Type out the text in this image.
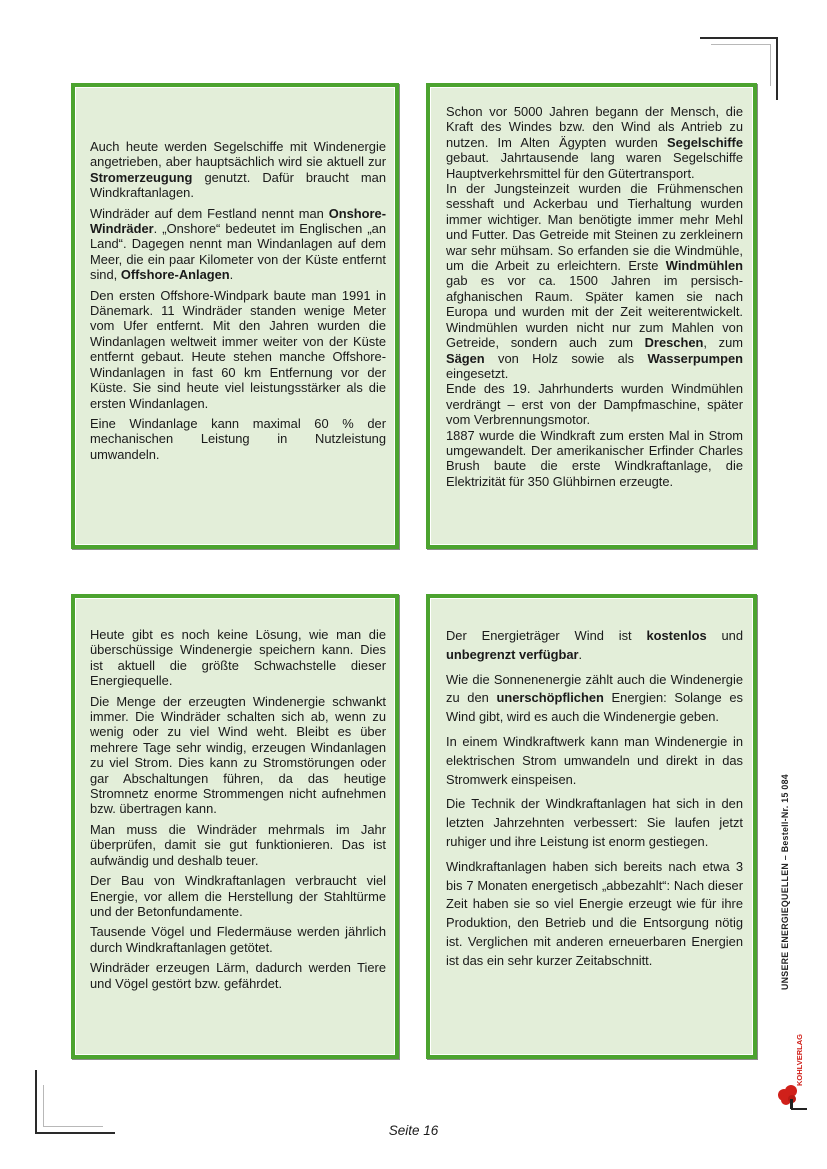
Auch heute werden Segelschiffe mit Windenergie angetrieben, aber hauptsächlich wird sie aktuell zur Stromerzeugung genutzt. Dafür braucht man Windkraftanlagen.

Windräder auf dem Festland nennt man Onshore-Windräder. „Onshore“ bedeutet im Englischen „an Land“. Dagegen nennt man Windanlagen auf dem Meer, die ein paar Kilometer von der Küste entfernt sind, Offshore-Anlagen.

Den ersten Offshore-Windpark baute man 1991 in Dänemark. 11 Windräder standen wenige Meter vom Ufer entfernt. Mit den Jahren wurden die Windanlagen weltweit immer weiter von der Küste entfernt gebaut. Heute stehen manche Offshore-Windanlagen in fast 60 km Entfernung vor der Küste. Sie sind heute viel leistungsstärker als die ersten Windanlagen.

Eine Windanlage kann maximal 60 % der mechanischen Leistung in Nutzleistung umwandeln.

Schon vor 5000 Jahren begann der Mensch, die Kraft des Windes bzw. den Wind als Antrieb zu nutzen. Im Alten Ägypten wurden Segelschiffe gebaut. Jahrtausende lang waren Segelschiffe Hauptverkehrsmittel für den Gütertransport.

In der Jungsteinzeit wurden die Frühmenschen sesshaft und Ackerbau und Tierhaltung wurden immer wichtiger. Man benötigte immer mehr Mehl und Futter. Das Getreide mit Steinen zu zerkleinern war sehr mühsam. So erfanden sie die Windmühle, um die Arbeit zu erleichtern. Erste Windmühlen gab es vor ca. 1500 Jahren im persisch-afghanischen Raum. Später kamen sie nach Europa und wurden mit der Zeit weiterentwickelt. Windmühlen wurden nicht nur zum Mahlen von Getreide, sondern auch zum Dreschen, zum Sägen von Holz sowie als Wasserpumpen eingesetzt.

Ende des 19. Jahrhunderts wurden Windmühlen verdrängt – erst von der Dampfmaschine, später vom Verbrennungsmotor.

1887 wurde die Windkraft zum ersten Mal in Strom umgewandelt. Der amerikanischer Erfinder Charles Brush baute die erste Windkraftanlage, die Elektrizität für 350 Glühbirnen erzeugte.

Heute gibt es noch keine Lösung, wie man die überschüssige Windenergie speichern kann. Dies ist aktuell die größte Schwachstelle dieser Energiequelle.

Die Menge der erzeugten Windenergie schwankt immer. Die Windräder schalten sich ab, wenn zu wenig oder zu viel Wind weht. Bleibt es über mehrere Tage sehr windig, erzeugen Windanlagen zu viel Strom. Dies kann zu Stromstörungen oder gar Abschaltungen führen, da das heutige Stromnetz enorme Strommengen nicht aufnehmen bzw. übertragen kann.

Man muss die Windräder mehrmals im Jahr überprüfen, damit sie gut funktionieren. Das ist aufwändig und deshalb teuer.

Der Bau von Windkraftanlagen verbraucht viel Energie, vor allem die Herstellung der Stahltürme und der Betonfundamente.

Tausende Vögel und Fledermäuse werden jährlich durch Windkraftanlagen getötet.

Windräder erzeugen Lärm, dadurch werden Tiere und Vögel gestört bzw. gefährdet.

Der Energieträger Wind ist kostenlos und unbegrenzt verfügbar.

Wie die Sonnenenergie zählt auch die Windenergie zu den unerschöpflichen Energien: Solange es Wind gibt, wird es auch die Windenergie geben.

In einem Windkraftwerk kann man Windenergie in elektrischen Strom umwandeln und direkt in das Stromwerk einspeisen.

Die Technik der Windkraftanlagen hat sich in den letzten Jahrzehnten verbessert: Sie laufen jetzt ruhiger und ihre Leistung ist enorm gestiegen.

Windkraftanlagen haben sich bereits nach etwa 3 bis 7 Monaten energetisch „abbezahlt“: Nach dieser Zeit haben sie so viel Energie erzeugt wie für ihre Produktion, den Betrieb und die Entsorgung nötig ist. Verglichen mit anderen erneuerbaren Energien ist das ein sehr kurzer Zeitabschnitt.	UNSERE ENERGIEQUELLEN – Bestell-Nr. 15 084
KOHLVERLAG
Seite 16
